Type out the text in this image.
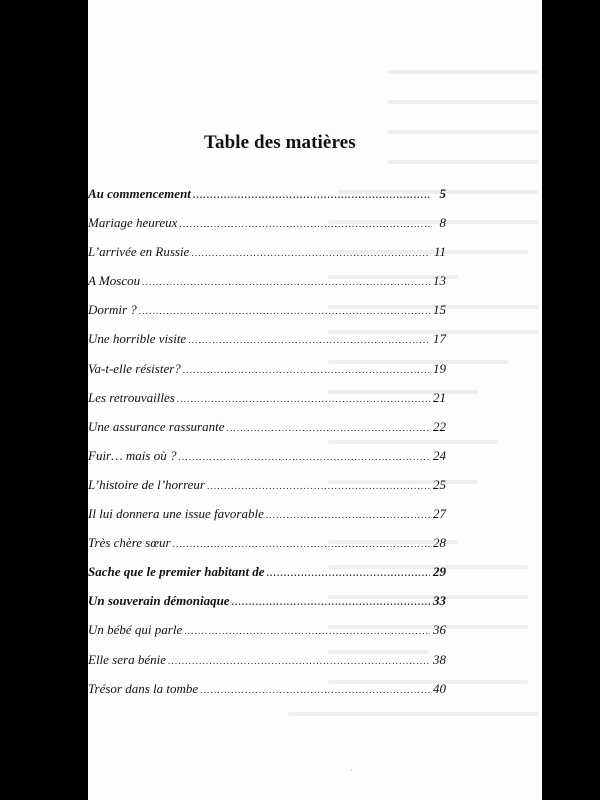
Table des matières
Au commencement .....	5
Mariage heureux .....	8
L’arrivée en Russie .....	11
A Moscou .....	13
Dormir ? .....	15
Une horrible visite .....	17
Va-t-elle résister? .....	19
Les retrouvailles .....	21
Une assurance rassurante .....	22
Fuir… mais où ? .....	24
L’histoire de l’horreur .....	25
Il lui donnera une issue favorable .....	27
Très chère sœur .....	28
Sache que le premier habitant de .....	29
Un souverain démoniaque .....	33
Un bébé qui parle .....	36
Elle sera bénie .....	38
Trésor dans la tombe .....	40
·
